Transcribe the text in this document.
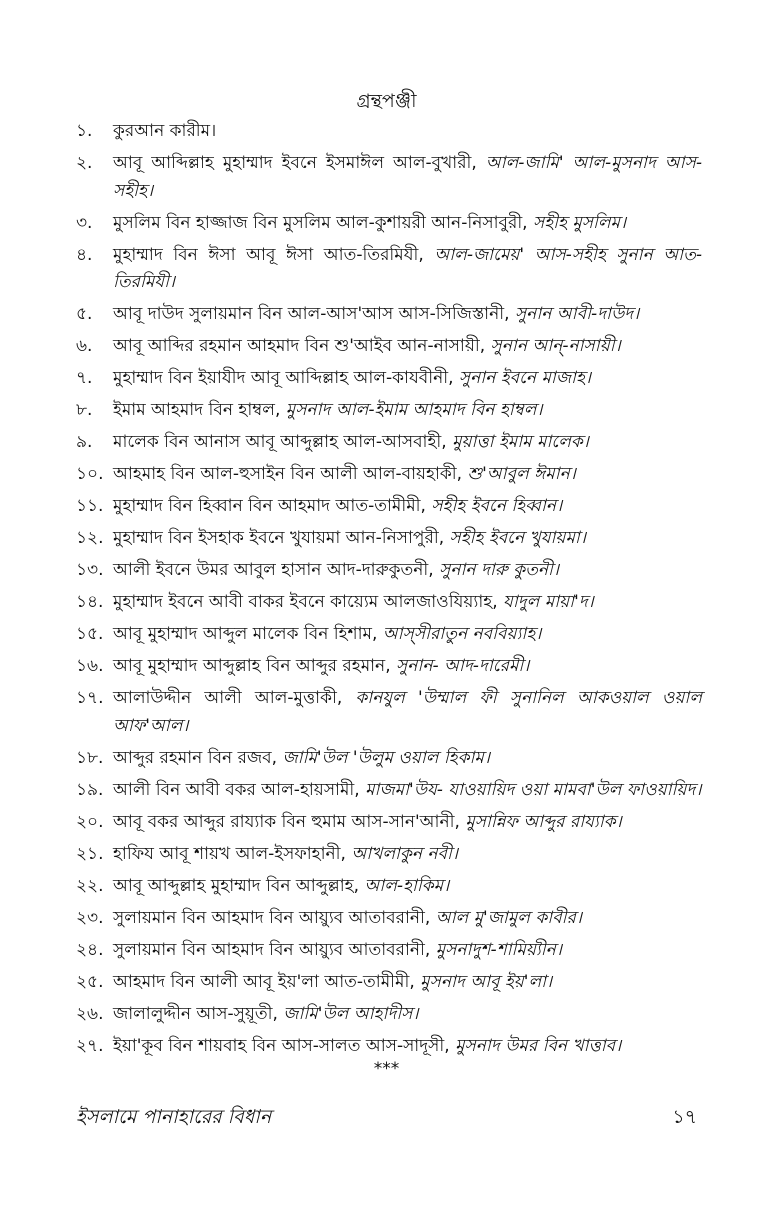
গ্রন্থপঞ্জী
১.	কুরআন কারীম।
২.	আবূ আব্দিল্লাহ মুহাম্মাদ ইবনে ইসমাঈল আল-বুখারী, আল-জামি' আল-মুসনাদ আস-সহীহ।
৩.	মুসলিম বিন হাজ্জাজ বিন মুসলিম আল-কুশায়রী আন-নিসাবুরী, সহীহ মুসলিম।
৪.	মুহাম্মাদ বিন ঈসা আবূ ঈসা আত-তিরমিযী, আল-জামেয়' আস-সহীহ সুনান আত-তিরমিযী।
৫.	আবূ দাউদ সুলায়মান বিন আল-আস'আস আস-সিজিস্তানী, সুনান আবী-দাউদ।
৬.	আবূ আব্দির রহমান আহমাদ বিন শু'আইব আন-নাসায়ী, সুনান আন্-নাসায়ী।
৭.	মুহাম্মাদ বিন ইয়াযীদ আবূ আব্দিল্লাহ আল-কাযবীনী, সুনান ইবনে মাজাহ।
৮.	ইমাম আহমাদ বিন হাম্বল, মুসনাদ আল-ইমাম আহমাদ বিন হাম্বল।
৯.	মালেক বিন আনাস আবূ আব্দুল্লাহ আল-আসবাহী, মুয়াত্তা ইমাম মালেক।
১০. আহমাহ বিন আল-হুসাইন বিন আলী আল-বায়হাকী, শু'আবুল ঈমান।
১১. মুহাম্মাদ বিন হিব্বান বিন আহমাদ আত-তামীমী, সহীহ ইবনে হিব্বান।
১২. মুহাম্মাদ বিন ইসহাক ইবনে খুযায়মা আন-নিসাপুরী, সহীহ ইবনে খুযায়মা।
১৩. আলী ইবনে উমর আবুল হাসান আদ-দারুকুতনী, সুনান দারু কুতনী।
১৪. মুহাম্মাদ ইবনে আবী বাকর ইবনে কায়্যেম আলজাওযিয়্যাহ, যাদুল মায়া'দ।
১৫. আবূ মুহাম্মাদ আব্দুল মালেক বিন হিশাম, আস্সীরাতুন নববিয়্যাহ।
১৬. আবূ মুহাম্মাদ আব্দুল্লাহ বিন আব্দুর রহমান, সুনান- আদ-দারেমী।
১৭. আলাউদ্দীন আলী আল-মুত্তাকী, কানযুল 'উম্মাল ফী সুনানিল আকওয়াল ওয়াল আফ'আল।
১৮. আব্দুর রহমান বিন রজব, জামি'উল 'উলুম ওয়াল হিকাম।
১৯. আলী বিন আবী বকর আল-হায়সামী, মাজমা'উয- যাওয়ায়িদ ওয়া মামবা'উল ফাওয়ায়িদ।
২০. আবূ বকর আব্দুর রায্যাক বিন হুমাম আস-সান'আনী, মুসান্নিফ আব্দুর রায্যাক।
২১. হাফিয আবূ শায়খ আল-ইসফাহানী, আখলাকুন নবী।
২২. আবূ আব্দুল্লাহ মুহাম্মাদ বিন আব্দুল্লাহ, আল-হাকিম।
২৩. সুলায়মান বিন আহমাদ বিন আয়্যুব আতাবরানী, আল মু'জামুল কাবীর।
২৪. সুলায়মান বিন আহমাদ বিন আয়্যুব আতাবরানী, মুসনাদুশ-শামিয়্যীন।
২৫. আহমাদ বিন আলী আবূ ইয়'লা আত-তামীমী, মুসনাদ আবূ ইয়'লা।
২৬. জালালুদ্দীন আস-সুয়ূতী, জামি'উল আহাদীস।
২৭. ইয়া'কূব বিন শায়বাহ বিন আস-সালত আস-সাদূসী, মুসনাদ উমর বিন খাত্তাব।
***
ইসলামে পানাহারের বিধান	১৭
